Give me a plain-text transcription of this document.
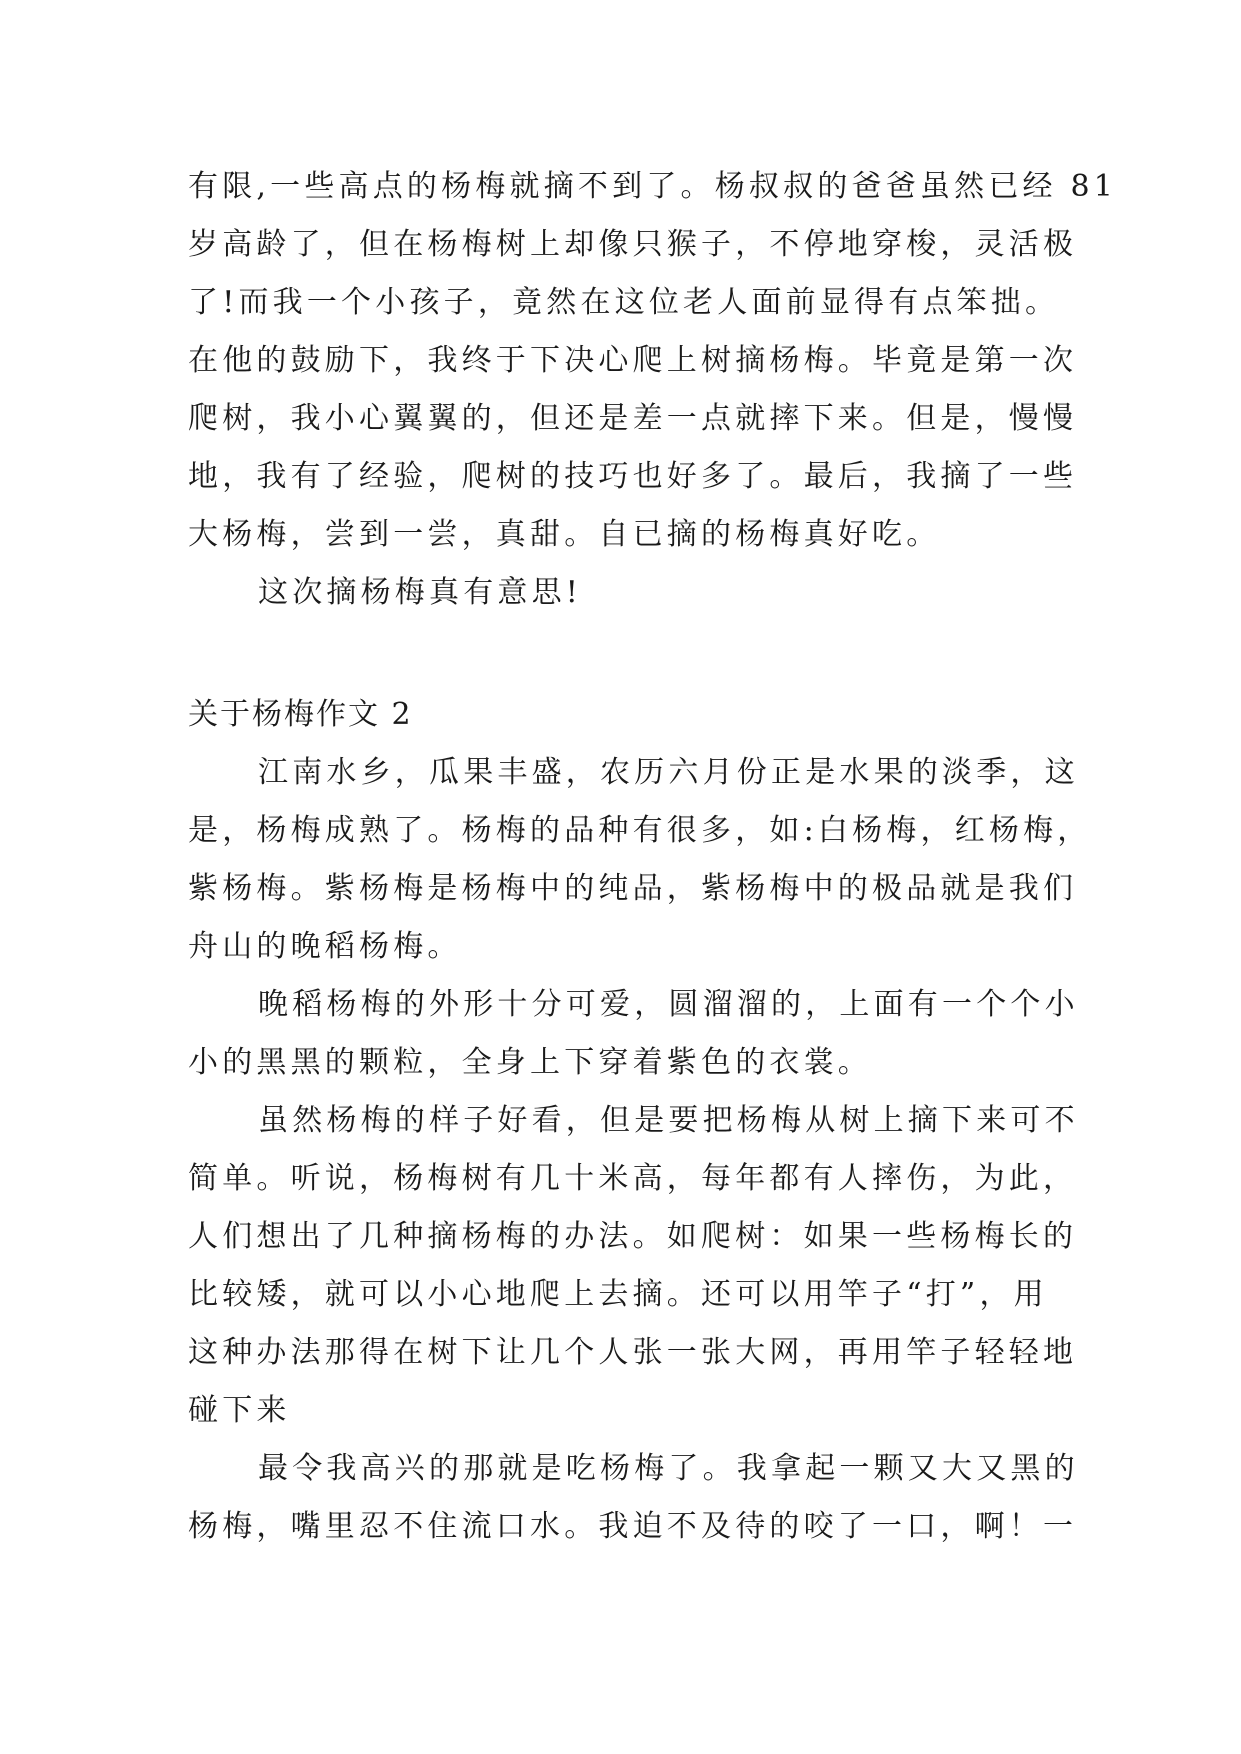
有限,一些高点的杨梅就摘不到了。杨叔叔的爸爸虽然已经 81
岁高龄了，但在杨梅树上却像只猴子，不停地穿梭，灵活极
了!而我一个小孩子，竟然在这位老人面前显得有点笨拙。
在他的鼓励下，我终于下决心爬上树摘杨梅。毕竟是第一次
爬树，我小心翼翼的，但还是差一点就摔下来。但是，慢慢
地，我有了经验，爬树的技巧也好多了。最后，我摘了一些
大杨梅，尝到一尝，真甜。自已摘的杨梅真好吃。
这次摘杨梅真有意思!
关于杨梅作文 2
江南水乡，瓜果丰盛，农历六月份正是水果的淡季，这
是，杨梅成熟了。杨梅的品种有很多，如:白杨梅，红杨梅，
紫杨梅。紫杨梅是杨梅中的纯品，紫杨梅中的极品就是我们
舟山的晚稻杨梅。
晚稻杨梅的外形十分可爱，圆溜溜的，上面有一个个小
小的黑黑的颗粒，全身上下穿着紫色的衣裳。
虽然杨梅的样子好看，但是要把杨梅从树上摘下来可不
简单。听说，杨梅树有几十米高，每年都有人摔伤，为此，
人们想出了几种摘杨梅的办法。如爬树：如果一些杨梅长的
比较矮，就可以小心地爬上去摘。还可以用竿子“打”，用
这种办法那得在树下让几个人张一张大网，再用竿子轻轻地
碰下来
最令我高兴的那就是吃杨梅了。我拿起一颗又大又黑的
杨梅，嘴里忍不住流口水。我迫不及待的咬了一口，啊！一
